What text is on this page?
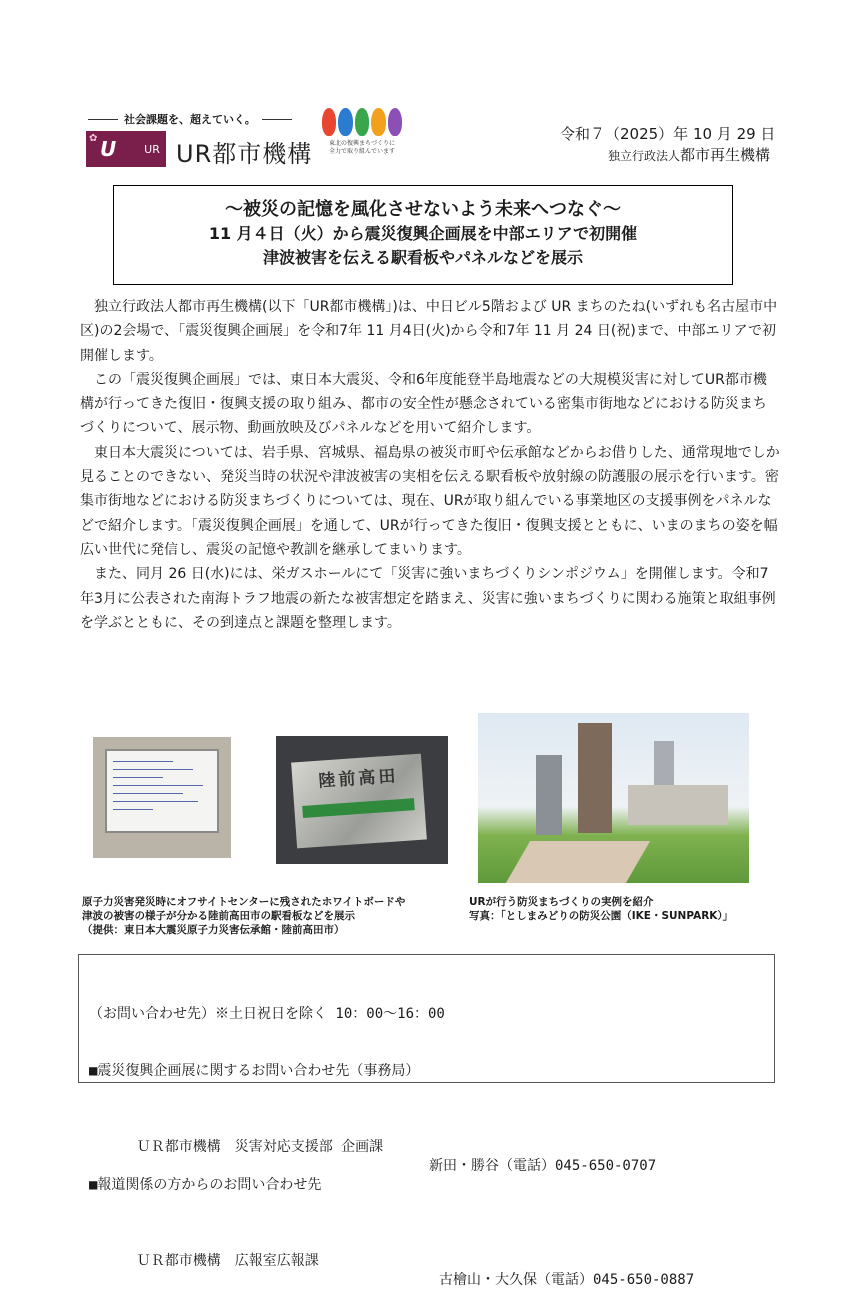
社会課題を、超えていく。
✿ U	UR UR都市機構	東北の復興まちづくりに
全力で取り組んでいます
令和７（2025）年 10 月 29 日
独立行政法人都市再生機構
～被災の記憶を風化させないよう未来へつなぐ～
11 月４日（火）から震災復興企画展を中部エリアで初開催
津波被害を伝える駅看板やパネルなどを展示

独立行政法人都市再生機構(以下「UR都市機構」)は、中日ビル5階および UR まちのたね(いずれも名古屋市中区)の2会場で、「震災復興企画展」を令和7年 11 月4日(火)から令和7年 11 月 24 日(祝)まで、中部エリアで初開催します。

この「震災復興企画展」では、東日本大震災、令和6年度能登半島地震などの大規模災害に対してUR都市機構が行ってきた復旧・復興支援の取り組み、都市の安全性が懸念されている密集市街地などにおける防災まちづくりについて、展示物、動画放映及びパネルなどを用いて紹介します。

東日本大震災については、岩手県、宮城県、福島県の被災市町や伝承館などからお借りした、通常現地でしか見ることのできない、発災当時の状況や津波被害の実相を伝える駅看板や放射線の防護服の展示を行います。密集市街地などにおける防災まちづくりについては、現在、URが取り組んでいる事業地区の支援事例をパネルなどで紹介します。「震災復興企画展」を通して、URが行ってきた復旧・復興支援とともに、いまのまちの姿を幅広い世代に発信し、震災の記憶や教訓を継承してまいります。

また、同月 26 日(水)には、栄ガスホールにて「災害に強いまちづくりシンポジウム」を開催します。令和7年3月に公表された南海トラフ地震の新たな被害想定を踏まえ、災害に強いまちづくりに関わる施策と取組事例を学ぶとともに、その到達点と課題を整理します。

陸前高田
原子力災害発災時にオフサイトセンターに残されたホワイトボードや
津波の被害の様子が分かる陸前高田市の駅看板などを展示
（提供：東日本大震災原子力災害伝承館・陸前高田市）
URが行う防災まちづくりの実例を紹介
写真：「としまみどりの防災公園（IKE・SUNPARK）」

（お問い合わせ先）※土日祝日を除く 10：00～16：00

■震災復興企画展に関するお問い合わせ先（事務局）

　ＵＲ都市機構　災害対応支援部 企画課

新田・勝谷（電話）045-650-0707

■報道関係の方からのお問い合わせ先

　ＵＲ都市機構　広報室広報課

古檜山・大久保（電話）045-650-0887
